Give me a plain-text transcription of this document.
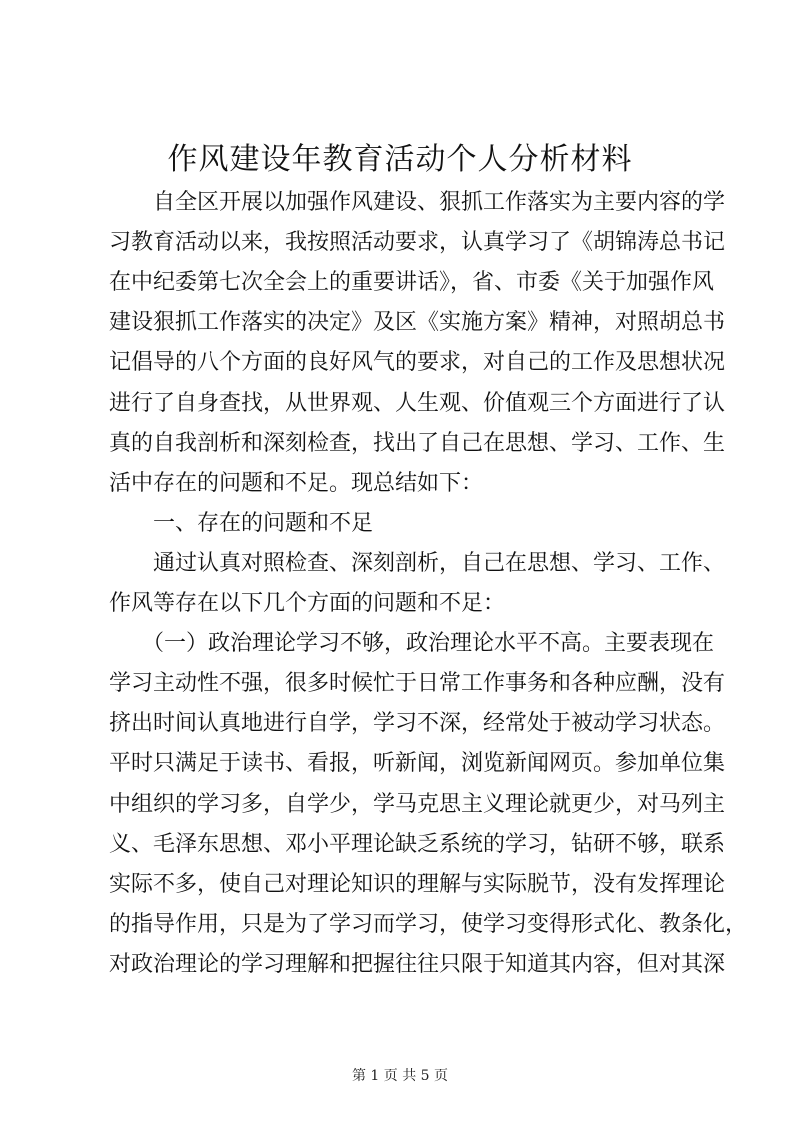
作风建设年教育活动个人分析材料

　　自全区开展以加强作风建设、狠抓工作落实为主要内容的学

习教育活动以来，我按照活动要求，认真学习了《胡锦涛总书记

在中纪委第七次全会上的重要讲话》，省、市委《关于加强作风

建设狠抓工作落实的决定》及区《实施方案》精神，对照胡总书

记倡导的八个方面的良好风气的要求，对自己的工作及思想状况

进行了自身查找，从世界观、人生观、价值观三个方面进行了认

真的自我剖析和深刻检查，找出了自己在思想、学习、工作、生

活中存在的问题和不足。现总结如下：

　　一、存在的问题和不足

　　通过认真对照检查、深刻剖析，自己在思想、学习、工作、

作风等存在以下几个方面的问题和不足：

　　（一）政治理论学习不够，政治理论水平不高。主要表现在

学习主动性不强，很多时候忙于日常工作事务和各种应酬，没有

挤出时间认真地进行自学，学习不深，经常处于被动学习状态。

平时只满足于读书、看报，听新闻，浏览新闻网页。参加单位集

中组织的学习多，自学少，学马克思主义理论就更少，对马列主

义、毛泽东思想、邓小平理论缺乏系统的学习，钻研不够，联系

实际不多，使自己对理论知识的理解与实际脱节，没有发挥理论

的指导作用，只是为了学习而学习，使学习变得形式化、教条化，

对政治理论的学习理解和把握往往只限于知道其内容，但对其深

第 1 页 共 5 页
